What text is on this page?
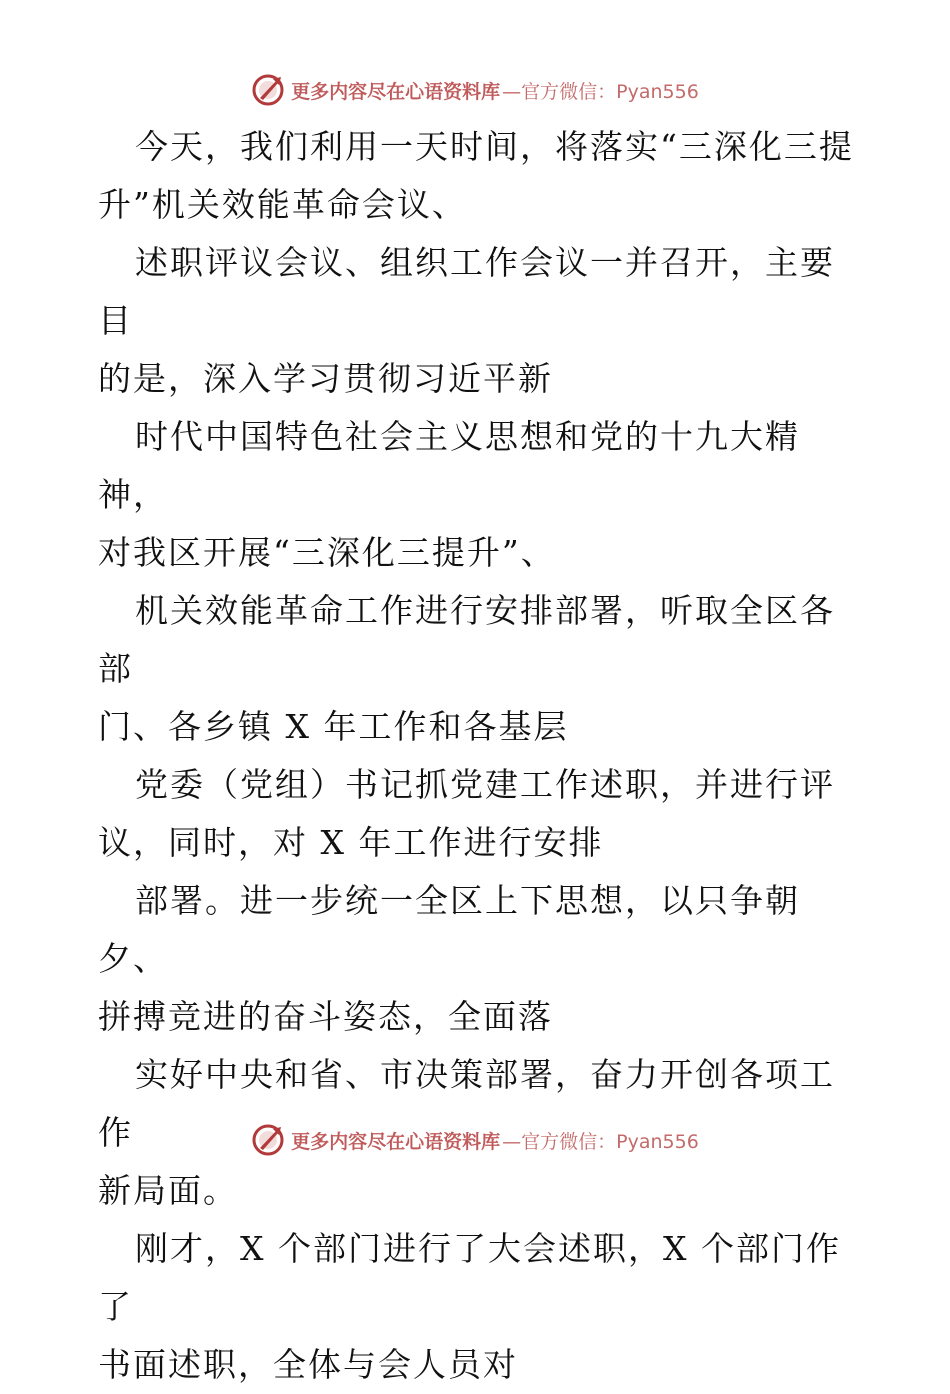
更多内容尽在心语资料库 —官方微信：Pyan556

今天，我们利用一天时间，将落实“三深化三提
升”机关效能革命会议、

述职评议会议、组织工作会议一并召开，主要目
的是，深入学习贯彻习近平新

时代中国特色社会主义思想和党的十九大精神，
对我区开展“三深化三提升”、

机关效能革命工作进行安排部署，听取全区各部
门、各乡镇 X 年工作和各基层

党委（党组）书记抓党建工作述职，并进行评
议，同时，对 X 年工作进行安排

部署。进一步统一全区上下思想，以只争朝夕、
拼搏竞进的奋斗姿态，全面落

实好中央和省、市决策部署，奋力开创各项工作
新局面。

刚才，X 个部门进行了大会述职，X 个部门作了
书面述职，全体与会人员对

更多内容尽在心语资料库 —官方微信：Pyan556
